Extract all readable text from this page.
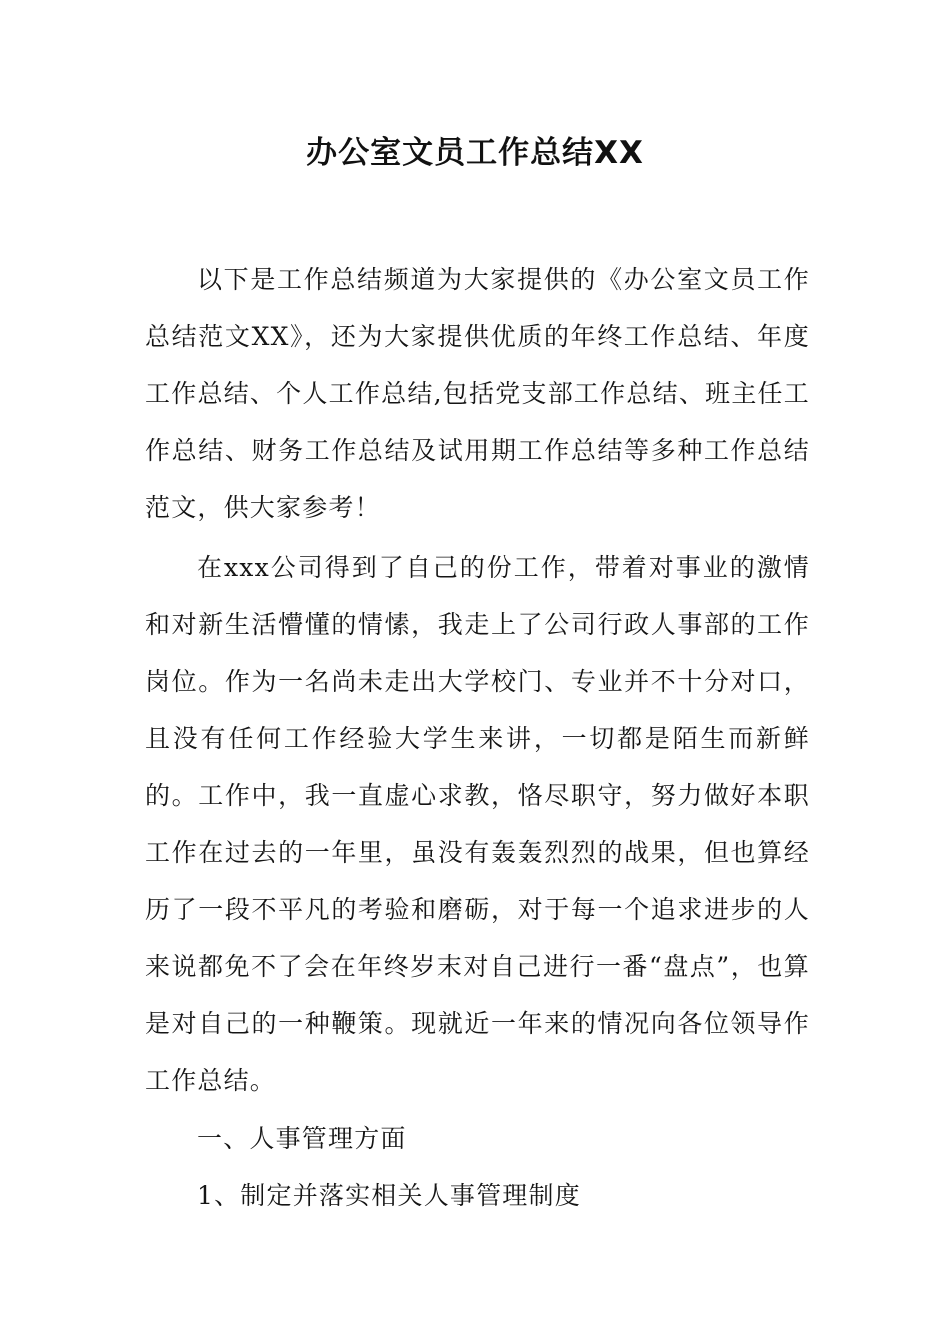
办公室文员工作总结XX

以下是工作总结频道为大家提供的《办公室文员工作总结范文XX》，还为大家提供优质的年终工作总结、年度工作总结、个人工作总结,包括党支部工作总结、班主任工作总结、财务工作总结及试用期工作总结等多种工作总结范文，供大家参考！

在xxx公司得到了自己的份工作，带着对事业的激情和对新生活懵懂的情愫，我走上了公司行政人事部的工作岗位。作为一名尚未走出大学校门、专业并不十分对口，且没有任何工作经验大学生来讲，一切都是陌生而新鲜的。工作中，我一直虚心求教，恪尽职守，努力做好本职工作在过去的一年里，虽没有轰轰烈烈的战果，但也算经历了一段不平凡的考验和磨砺，对于每一个追求进步的人来说都免不了会在年终岁末对自己进行一番“盘点”，也算是对自己的一种鞭策。现就近一年来的情况向各位领导作工作总结。

一、人事管理方面

1、制定并落实相关人事管理制度
